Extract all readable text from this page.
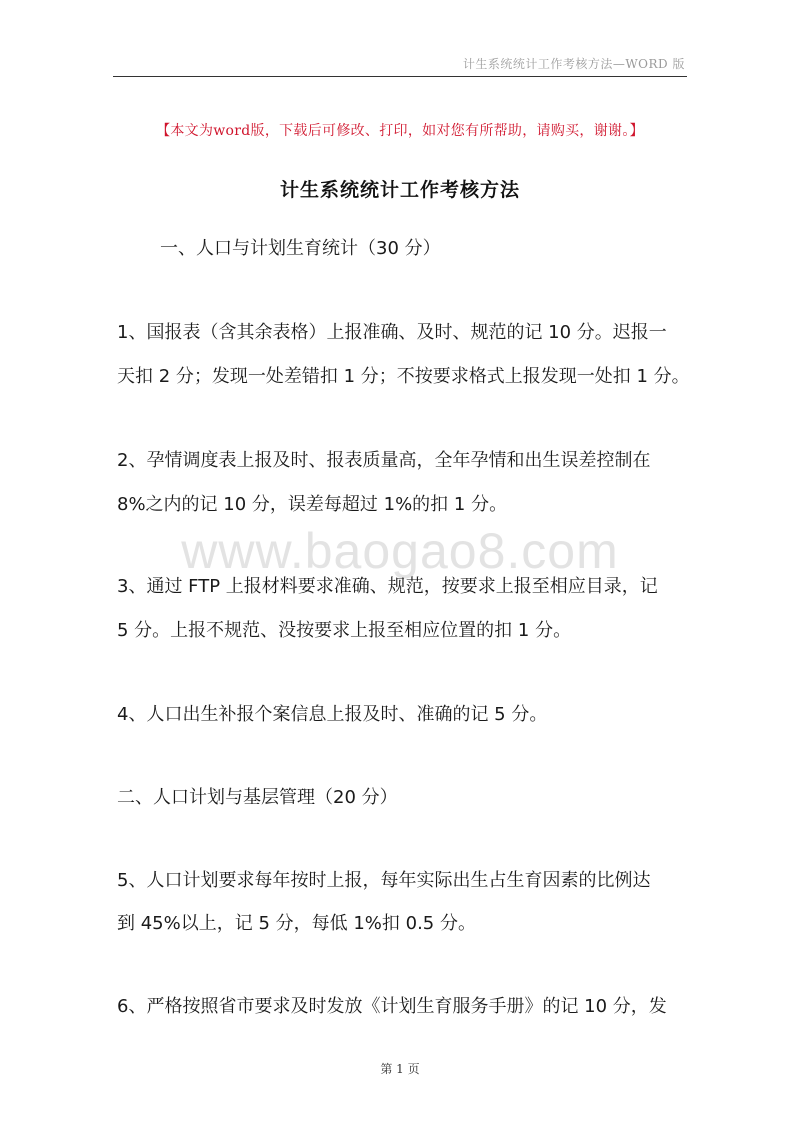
计生系统统计工作考核方法—WORD 版
【本文为word版，下载后可修改、打印，如对您有所帮助，请购买，谢谢。】
计生系统统计工作考核方法
一、人口与计划生育统计（30 分）
1、国报表（含其余表格）上报准确、及时、规范的记 10 分。迟报一
天扣 2 分；发现一处差错扣 1 分；不按要求格式上报发现一处扣 1 分。
2、孕情调度表上报及时、报表质量高，全年孕情和出生误差控制在
8%之内的记 10 分，误差每超过 1%的扣 1 分。
www.baogao8.com
3、通过 FTP 上报材料要求准确、规范，按要求上报至相应目录，记
5 分。上报不规范、没按要求上报至相应位置的扣 1 分。
4、人口出生补报个案信息上报及时、准确的记 5 分。
二、人口计划与基层管理（20 分）
5、人口计划要求每年按时上报，每年实际出生占生育因素的比例达
到 45%以上，记 5 分，每低 1%扣 0.5 分。
6、严格按照省市要求及时发放《计划生育服务手册》的记 10 分，发
第 1 页
